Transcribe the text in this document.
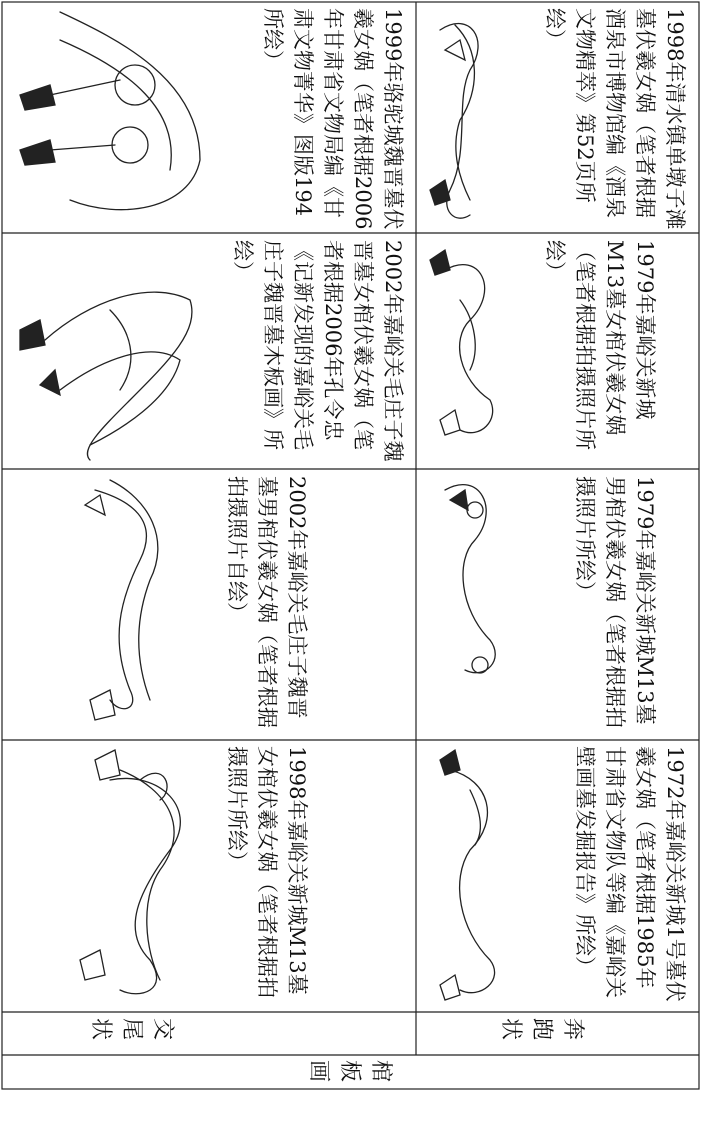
1999年骆驼城魏晋墓伏羲女娲（笔者根据2006年甘肃省文物局编《甘肃文物菁华》图版194所绘）
2002年嘉峪关毛庄子魏晋墓女棺伏羲女娲（笔者根据2006年孔令忠《记新发现的嘉峪关毛庄子魏晋墓木板画》所绘）
2002年嘉峪关毛庄子魏晋墓男棺伏羲女娲（笔者根据拍摄照片自绘）
1998年嘉峪关新城M13墓女棺伏羲女娲（笔者根据拍摄照片所绘）
1998年清水镇单墩子滩墓伏羲女娲（笔者根据酒泉市博物馆编《酒泉文物精萃》第52页所绘）
1979年嘉峪关新城M13墓女棺伏羲女娲（笔者根据拍摄照片所绘）
1979年嘉峪关新城M13墓男棺伏羲女娲（笔者根据拍摄照片所绘）
1972年嘉峪关新城1号墓伏羲女娲（笔者根据1985年甘肃省文物队等编《嘉峪关壁画墓发掘报告》所绘）
交尾状	奔跑状
棺板画
